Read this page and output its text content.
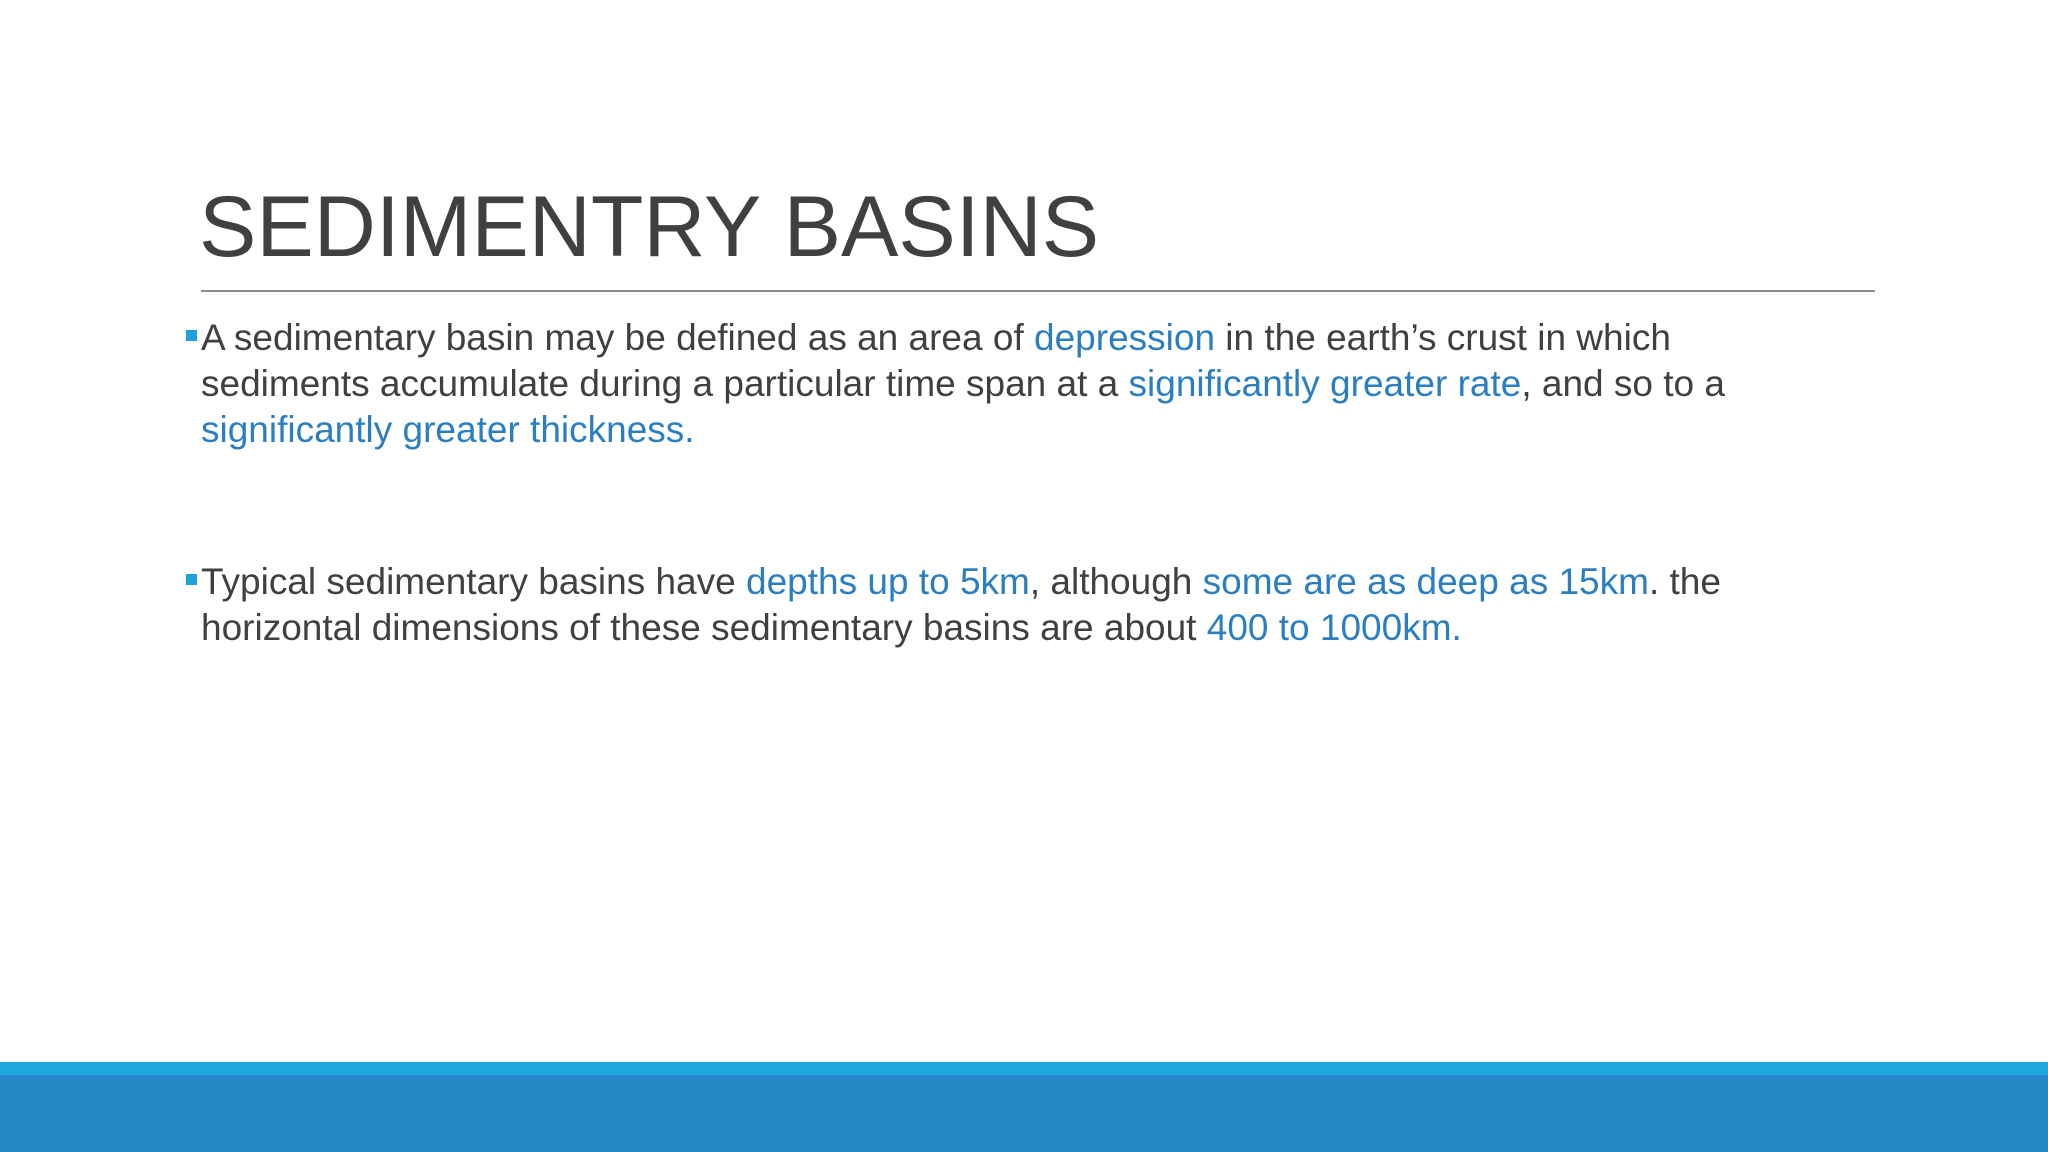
SEDIMENTRY BASINS
A sedimentary basin may be defined as an area of depression in the earth’s crust in which sediments accumulate during a particular time span at a significantly greater rate, and so to a significantly greater thickness.
Typical sedimentary basins have depths up to 5km, although some are as deep as 15km. the horizontal dimensions of these sedimentary basins are about 400 to 1000km.
